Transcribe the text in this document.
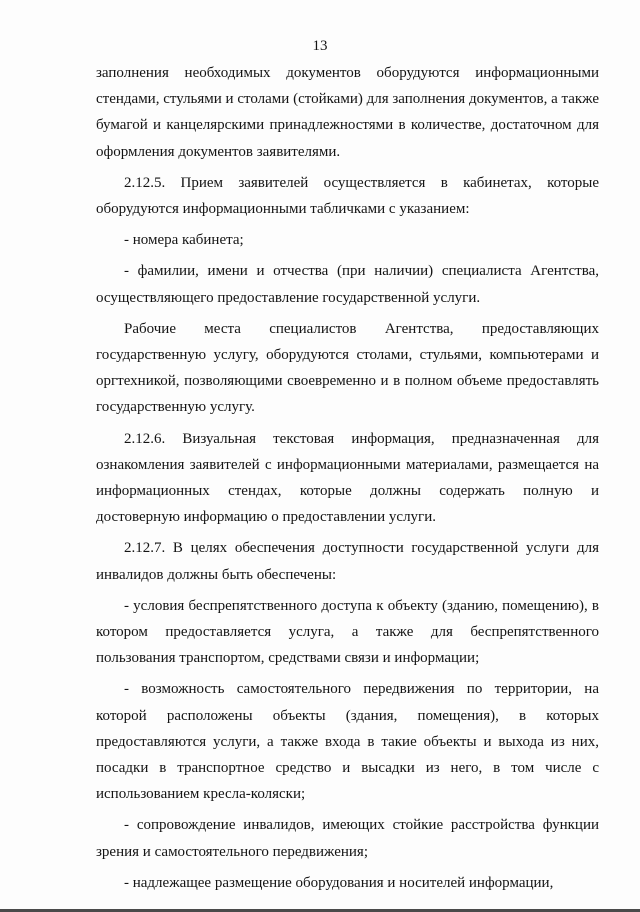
13

заполнения необходимых документов оборудуются информационными стендами, стульями и столами (стойками) для заполнения документов, а также бумагой и канцелярскими принадлежностями в количестве, достаточном для оформления документов заявителями.

2.12.5. Прием заявителей осуществляется в кабинетах, которые оборудуются информационными табличками с указанием:

- номера кабинета;

- фамилии, имени и отчества (при наличии) специалиста Агентства, осуществляющего предоставление государственной услуги.

Рабочие места специалистов Агентства, предоставляющих государственную услугу, оборудуются столами, стульями, компьютерами и оргтехникой, позволяющими своевременно и в полном объеме предоставлять государственную услугу.

2.12.6. Визуальная текстовая информация, предназначенная для ознакомления заявителей с информационными материалами, размещается на информационных стендах, которые должны содержать полную и достоверную информацию о предоставлении услуги.

2.12.7. В целях обеспечения доступности государственной услуги для инвалидов должны быть обеспечены:

- условия беспрепятственного доступа к объекту (зданию, помещению), в котором предоставляется услуга, а также для беспрепятственного пользования транспортом, средствами связи и информации;

- возможность самостоятельного передвижения по территории, на которой расположены объекты (здания, помещения), в которых предоставляются услуги, а также входа в такие объекты и выхода из них, посадки в транспортное средство и высадки из него, в том числе с использованием кресла-коляски;

- сопровождение инвалидов, имеющих стойкие расстройства функции зрения и самостоятельного передвижения;

- надлежащее размещение оборудования и носителей информации,
